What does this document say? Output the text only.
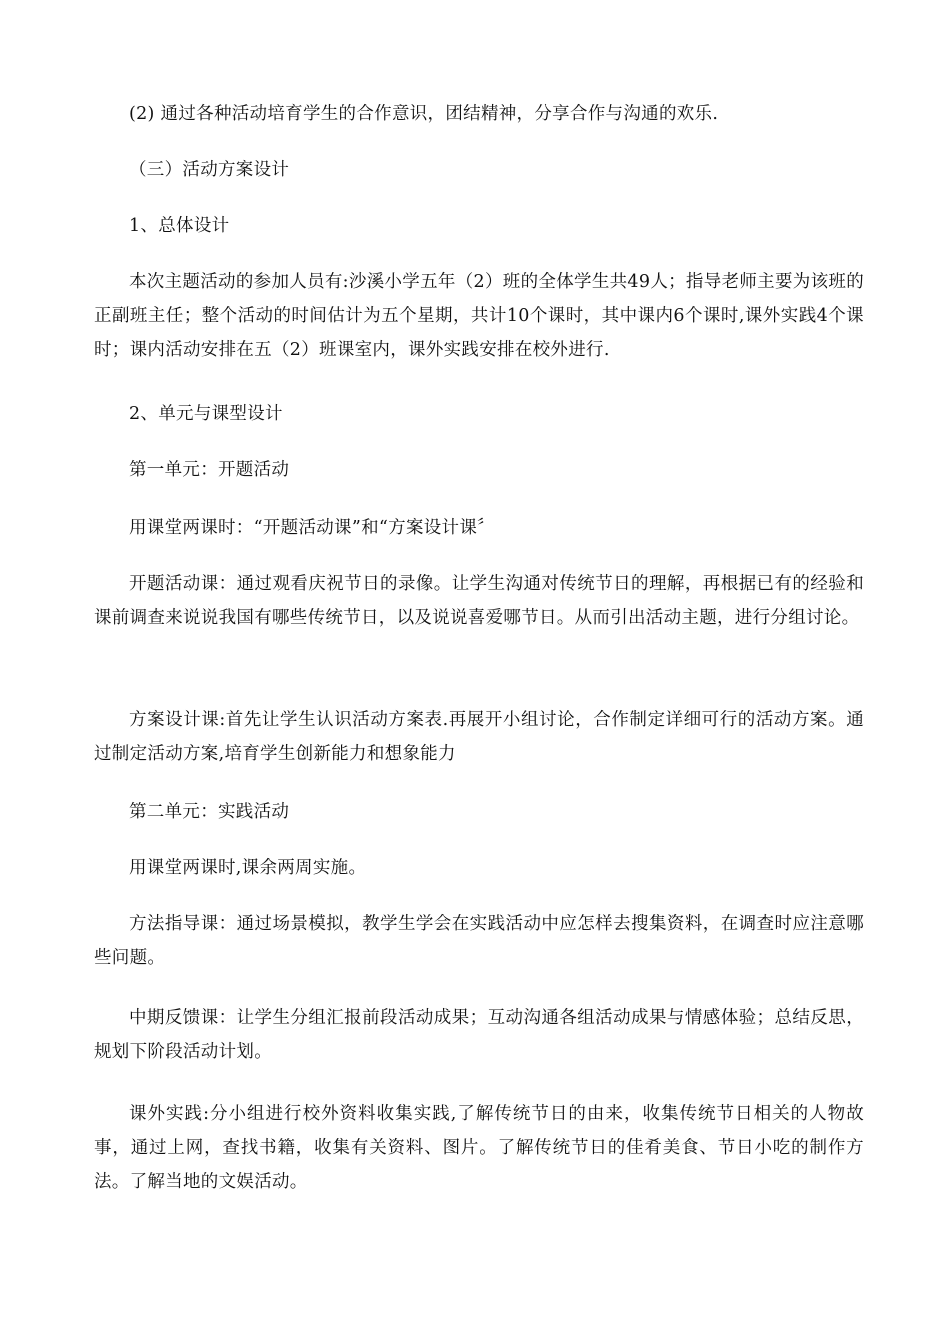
(2) 通过各种活动培育学生的合作意识，团结精神，分享合作与沟通的欢乐.

（三）活动方案设计

1、总体设计

本次主题活动的参加人员有:沙溪小学五年（2）班的全体学生共49人；指导老师主要为该班的正副班主任；整个活动的时间估计为五个星期，共计10个课时，其中课内6个课时,课外实践4个课时；课内活动安排在五（2）班课室内，课外实践安排在校外进行.

2、单元与课型设计

第一单元：开题活动

用课堂两课时：“开题活动课”和“方案设计课〞

开题活动课：通过观看庆祝节日的录像。让学生沟通对传统节日的理解，再根据已有的经验和课前调查来说说我国有哪些传统节日，以及说说喜爱哪节日。从而引出活动主题，进行分组讨论。

方案设计课:首先让学生认识活动方案表.再展开小组讨论，合作制定详细可行的活动方案。通过制定活动方案,培育学生创新能力和想象能力

第二单元：实践活动

用课堂两课时,课余两周实施。

方法指导课：通过场景模拟，教学生学会在实践活动中应怎样去搜集资料，在调查时应注意哪些问题。

中期反馈课：让学生分组汇报前段活动成果；互动沟通各组活动成果与情感体验；总结反思，规划下阶段活动计划。

课外实践:分小组进行校外资料收集实践,了解传统节日的由来，收集传统节日相关的人物故事，通过上网，查找书籍，收集有关资料、图片。了解传统节日的佳肴美食、节日小吃的制作方法。了解当地的文娱活动。
